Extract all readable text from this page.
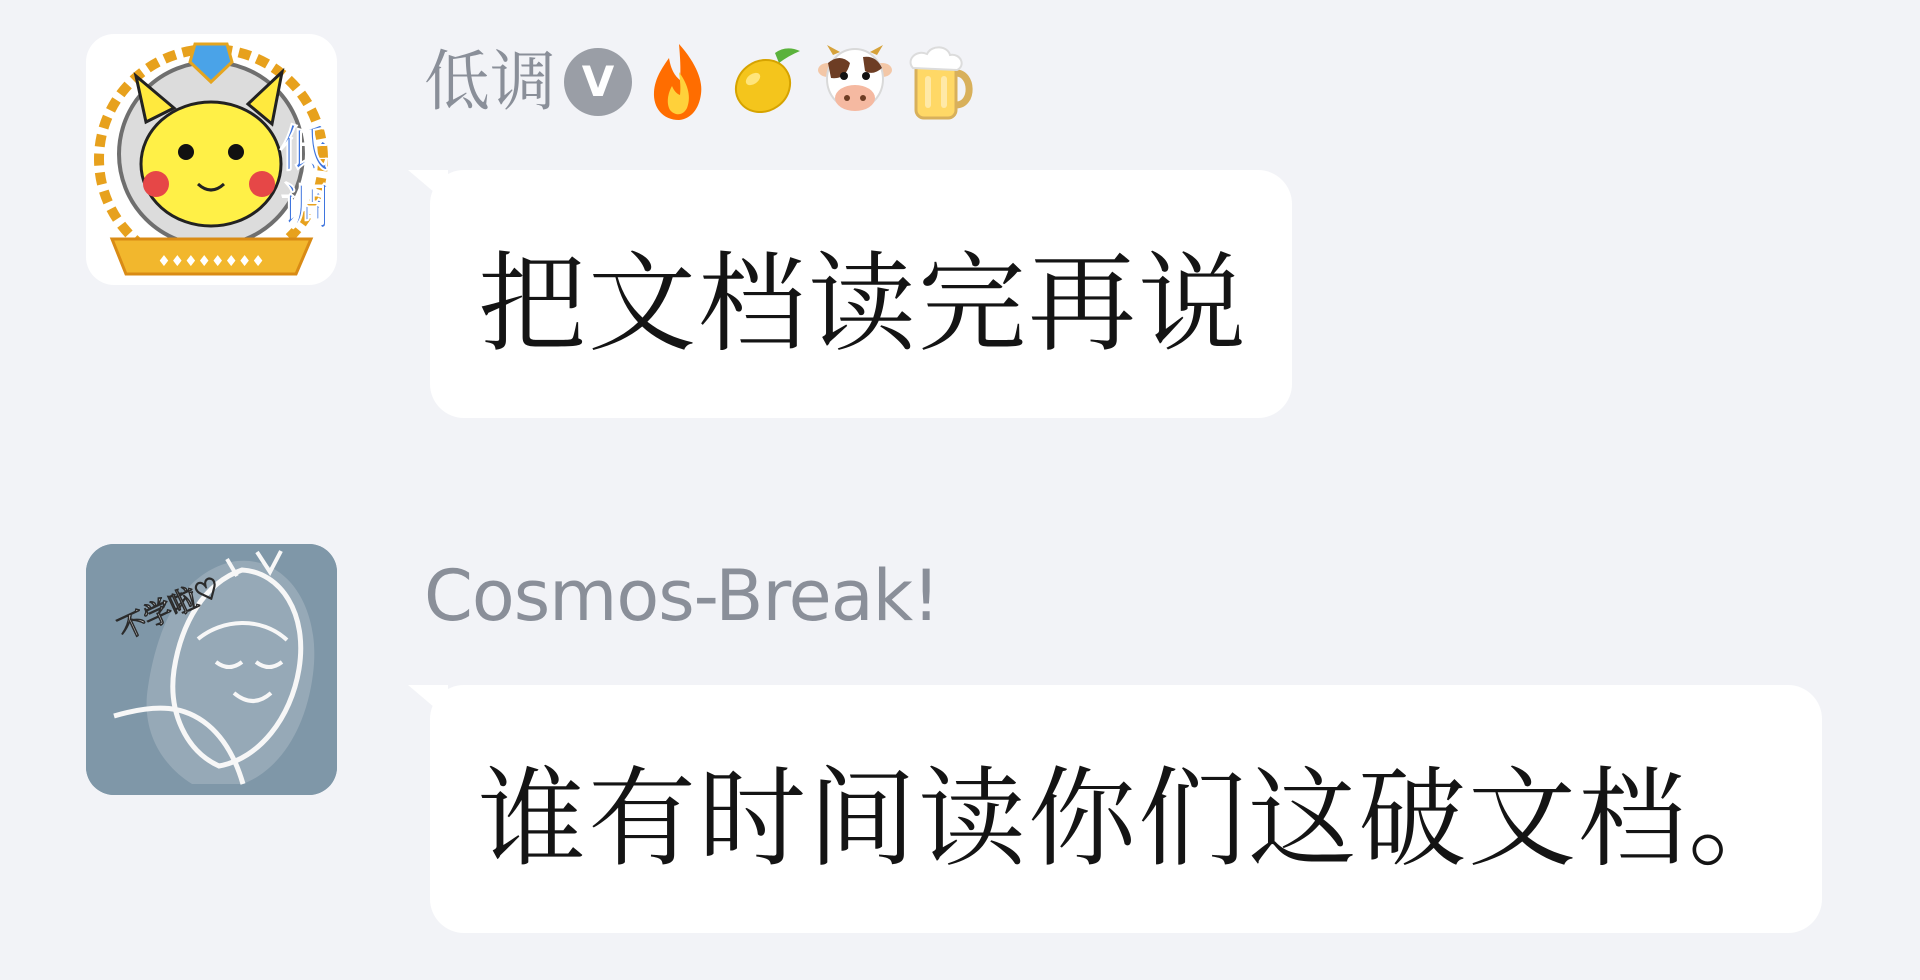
♦♦♦♦♦♦♦♦
低
调
低调 V
把文档读完再说
不学啦♡	Cosmos-Break!
谁有时间读你们这破文档。
